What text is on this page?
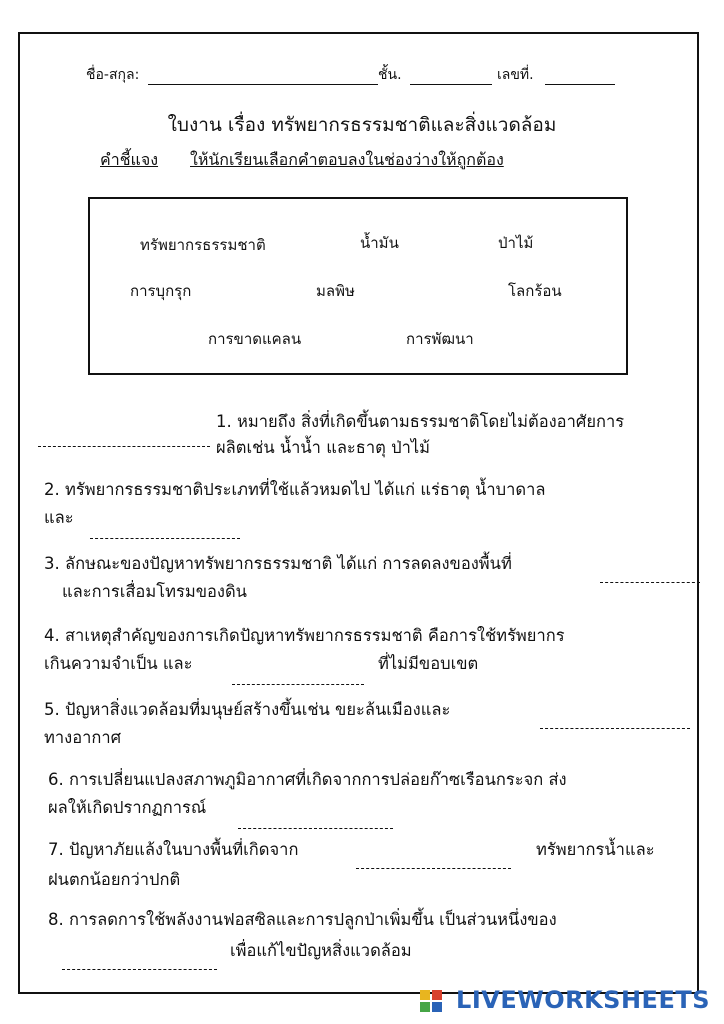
ชื่อ-สกุล:	ชั้น.	เลขที่.
ใบงาน เรื่อง ทรัพยากรธรรมชาติและสิ่งแวดล้อม
คำชี้แจง ให้นักเรียนเลือกคำตอบลงในช่องว่างให้ถูกต้อง
ทรัพยากรธรรมชาติ	น้ำมัน	ป่าไม้
การบุกรุก	มลพิษ	โลกร้อน
การขาดแคลน	การพัฒนา
1. หมายถึง สิ่งที่เกิดขึ้นตามธรรมชาติโดยไม่ต้องอาศัยการ
ผลิตเช่น น้ำน้ำ และธาตุ ป่าไม้
2. ทรัพยากรธรรมชาติประเภทที่ใช้แล้วหมดไป ได้แก่ แร่ธาตุ น้ำบาดาล
และ
3. ลักษณะของปัญหาทรัพยากรธรรมชาติ ได้แก่ การลดลงของพื้นที่
และการเสื่อมโทรมของดิน
4. สาเหตุสำคัญของการเกิดปัญหาทรัพยากรธรรมชาติ คือการใช้ทรัพยากร
เกินความจำเป็น และ	ที่ไม่มีขอบเขต
5. ปัญหาสิ่งแวดล้อมที่มนุษย์สร้างขึ้นเช่น ขยะล้นเมืองและ
ทางอากาศ
6. การเปลี่ยนแปลงสภาพภูมิอากาศที่เกิดจากการปล่อยก๊าซเรือนกระจก ส่ง
ผลให้เกิดปรากฏการณ์
7. ปัญหาภัยแล้งในบางพื้นที่เกิดจาก	ทรัพยากรน้ำและ
ฝนตกน้อยกว่าปกติ
8. การลดการใช้พลังงานฟอสซิลและการปลูกป่าเพิ่มขึ้น เป็นส่วนหนึ่งของ
เพื่อแก้ไขปัญหสิ่งแวดล้อม
LIVEWORKSHEETS
